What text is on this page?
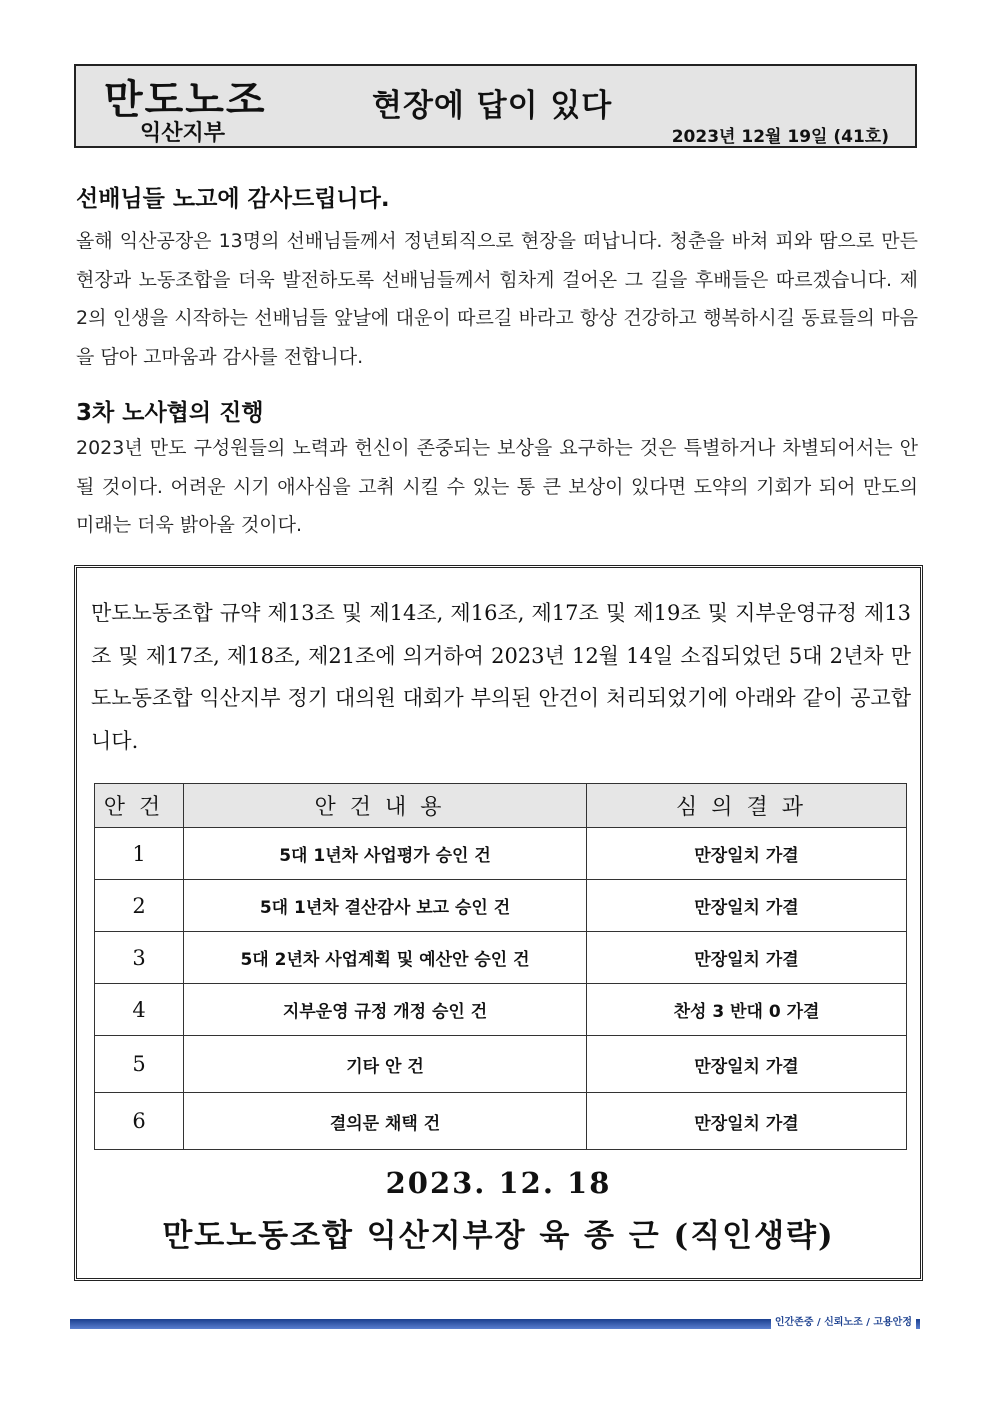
만도노조
익산지부
현장에 답이 있다
2023년 12월 19일 (41호)
선배님들 노고에 감사드립니다.
올해 익산공장은 13명의 선배님들께서 정년퇴직으로 현장을 떠납니다. 청춘을 바쳐 피와 땀으로 만든 현장과 노동조합을 더욱 발전하도록 선배님들께서 힘차게 걸어온 그 길을 후배들은 따르겠습니다. 제 2의 인생을 시작하는 선배님들 앞날에 대운이 따르길 바라고 항상 건강하고 행복하시길 동료들의 마음을 담아 고마움과 감사를 전합니다.
3차 노사협의 진행
2023년 만도 구성원들의 노력과 헌신이 존중되는 보상을 요구하는 것은 특별하거나 차별되어서는 안 될 것이다. 어려운 시기 애사심을 고취 시킬 수 있는 통 큰 보상이 있다면 도약의 기회가 되어 만도의 미래는 더욱 밝아올 것이다.
만도노동조합 규약 제13조 및 제14조, 제16조, 제17조 및 제19조 및 지부운영규정 제13조 및 제17조, 제18조, 제21조에 의거하여 2023년 12월 14일 소집되었던 5대 2년차 만도노동조합 익산지부 정기 대의원 대회가 부의된 안건이 처리되었기에 아래와 같이 공고합니다.
안건	안건내용	심의결과
1	5대 1년차 사업평가 승인 건	만장일치 가결
2	5대 1년차 결산감사 보고 승인 건	만장일치 가결
3	5대 2년차 사업계획 및 예산안 승인 건	만장일치 가결
4	지부운영 규정 개정 승인 건	찬성 3 반대 0 가결
5	기타 안 건	만장일치 가결
6	결의문 채택 건	만장일치 가결
2023. 12. 18
만도노동조합 익산지부장 육 종 근 (직인생략)
인간존중 / 신뢰노조 / 고용안정
